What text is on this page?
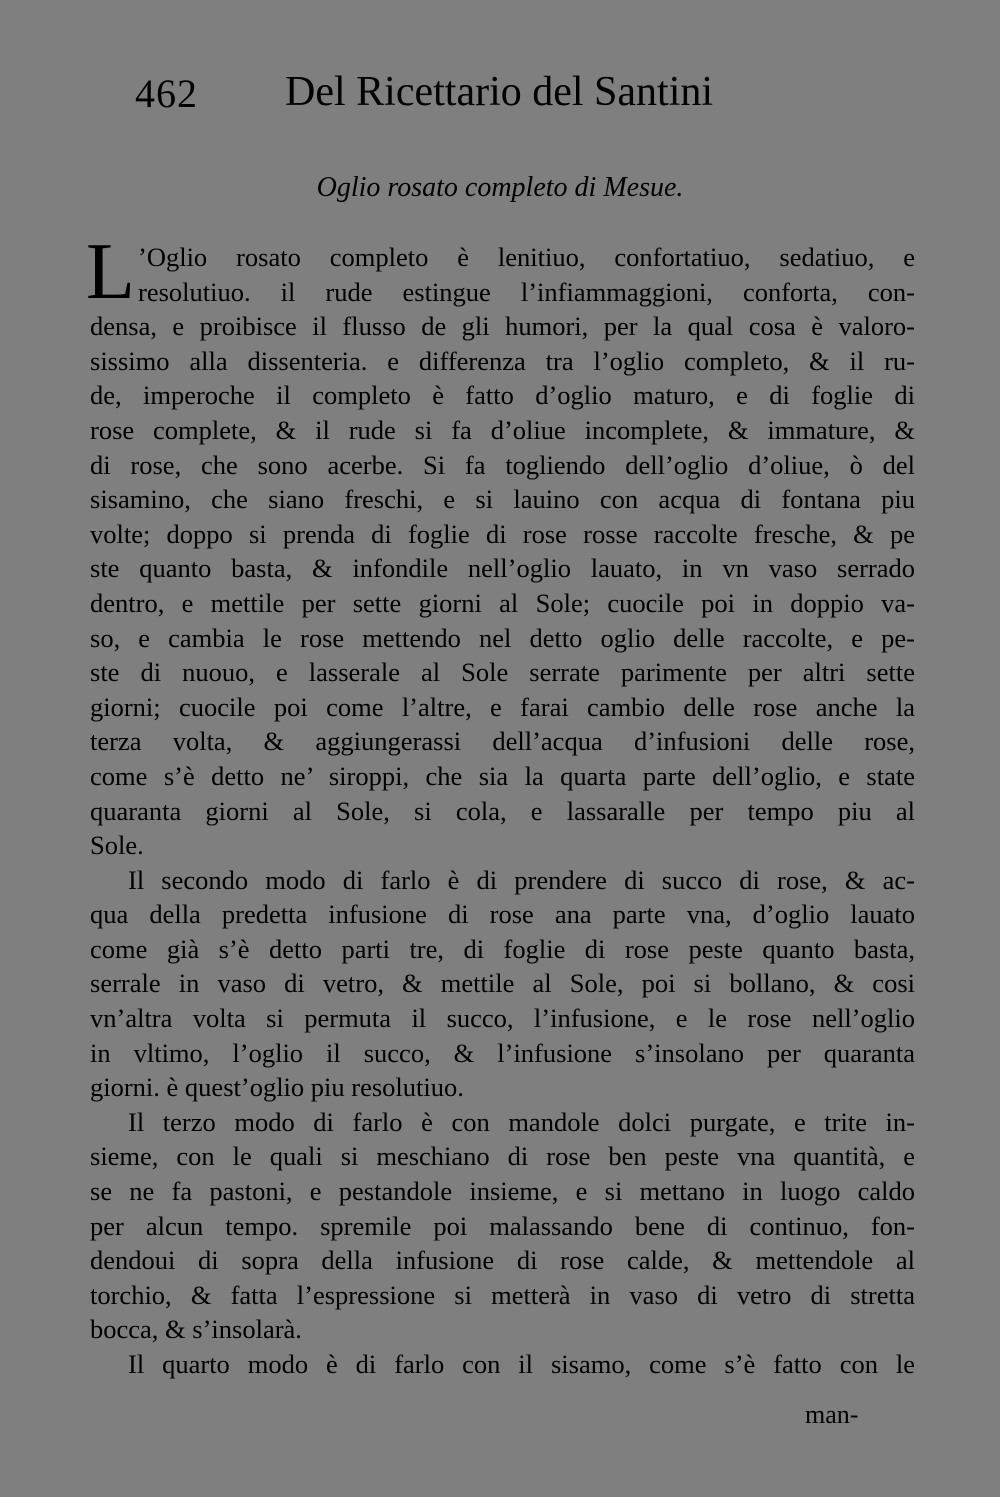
462 Del Ricettario del Santini
Oglio rosato completo di Mesue.
L ’Oglio rosato completo è lenitiuo, confortatiuo, sedatiuo, e
resolutiuo. il rude estingue l’infiammaggioni, conforta, con-
densa, e proibisce il flusso de gli humori, per la qual cosa è valoro-
sissimo alla dissenteria. e differenza tra l’oglio completo, & il ru-
de, imperoche il completo è fatto d’oglio maturo, e di foglie di
rose complete, & il rude si fa d’oliue incomplete, & immature, &
di rose, che sono acerbe. Si fa togliendo dell’oglio d’oliue, ò del
sisamino, che siano freschi, e si lauino con acqua di fontana piu
volte; doppo si prenda di foglie di rose rosse raccolte fresche, & pe
ste quanto basta, & infondile nell’oglio lauato, in vn vaso serrado
dentro, e mettile per sette giorni al Sole; cuocile poi in doppio va-
so, e cambia le rose mettendo nel detto oglio delle raccolte, e pe-
ste di nuouo, e lasserale al Sole serrate parimente per altri sette
giorni; cuocile poi come l’altre, e farai cambio delle rose anche la
terza volta, & aggiungerassi dell’acqua d’infusioni delle rose,
come s’è detto ne’ siroppi, che sia la quarta parte dell’oglio, e state
quaranta giorni al Sole, si cola, e lassaralle per tempo piu al
Sole.
Il secondo modo di farlo è di prendere di succo di rose, & ac-
qua della predetta infusione di rose ana parte vna, d’oglio lauato
come già s’è detto parti tre, di foglie di rose peste quanto basta,
serrale in vaso di vetro, & mettile al Sole, poi si bollano, & cosi
vn’altra volta si permuta il succo, l’infusione, e le rose nell’oglio
in vltimo, l’oglio il succo, & l’infusione s’insolano per quaranta
giorni. è quest’oglio piu resolutiuo.
Il terzo modo di farlo è con mandole dolci purgate, e trite in-
sieme, con le quali si meschiano di rose ben peste vna quantità, e
se ne fa pastoni, e pestandole insieme, e si mettano in luogo caldo
per alcun tempo. spremile poi malassando bene di continuo, fon-
dendoui di sopra della infusione di rose calde, & mettendole al
torchio, & fatta l’espressione si metterà in vaso di vetro di stretta
bocca, & s’insolarà.
Il quarto modo è di farlo con il sisamo, come s’è fatto con le
man-
